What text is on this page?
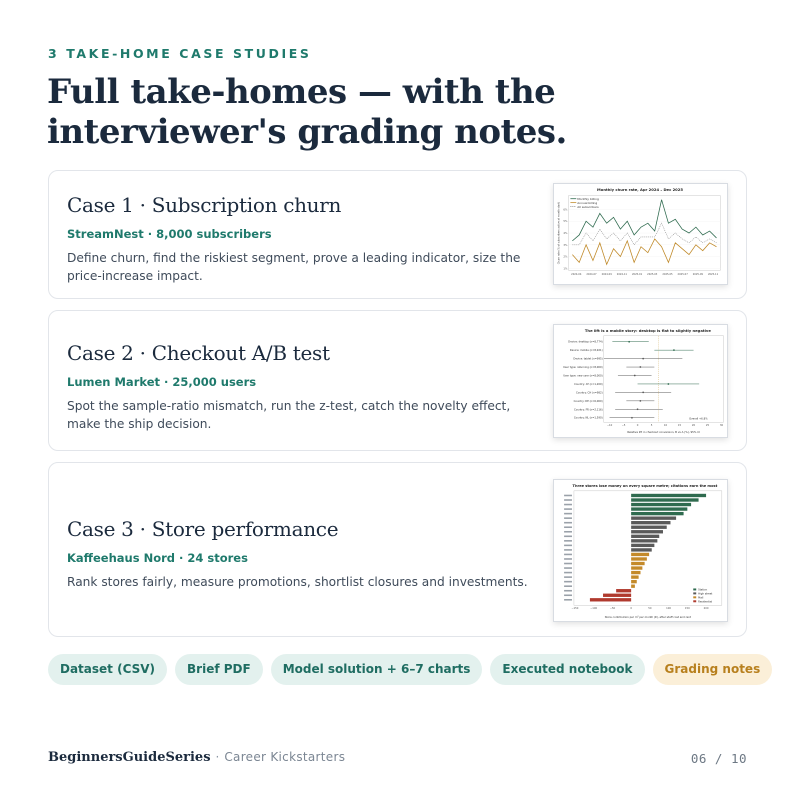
3 TAKE-HOME CASE STUDIES
Full take-homes — with the interviewer's grading notes.
Case 1 · Subscription churn
StreamNest · 8,000 subscribers
Define churn, find the riskiest segment, prove a leading indicator, size the price-increase impact.
Monthly churn rate, Apr 2024 – Dec 2025
Monthly billing
Annual billing
All subscribers
Churn rate (% of subscribers active at month start)
1%
2%
3%
4%
5%
6%
2024-04 2024-07 2024-09 2024-11 2025-01 2025-03 2025-05 2025-07 2025-09 2025-11
Case 2 · Checkout A/B test
Lumen Market · 25,000 users
Spot the sample-ratio mismatch, run the z-test, catch the novelty effect, make the ship decision.
The lift is a mobile story: desktop is flat to slightly negative
Device: desktop (n=8,774)
Device: mobile (n=8,921)
Device: tablet (n=995)
User type: returning (n=8,000)
User type: new user (n=8,000)
Country: AT (n=1,200)
Country: CH (n=982)
Country: DE (n=6,000)
Country: FR (n=2,116)
Country: NL (n=1,590)
−10	−5	0	5	10	15	20	25	30
Overall +6.8%
Relative lift in checkout conversion, B vs A (%), 95% CI
Case 3 · Store performance
Kaffeehaus Nord · 24 stores
Rank stores fairly, measure promotions, shortlist closures and investments.
Three stores lose money on every square metre; citations earn the most
−150	−100	−50	0	50	100	150	200
Station
High street
Mall
Residential
Store contribution per m² per month (€), after staff cost and rent
Dataset (CSV)	Brief PDF	Model solution + 6–7 charts	Executed notebook	Grading notes
BeginnersGuideSeries · Career Kickstarters	06 / 10
